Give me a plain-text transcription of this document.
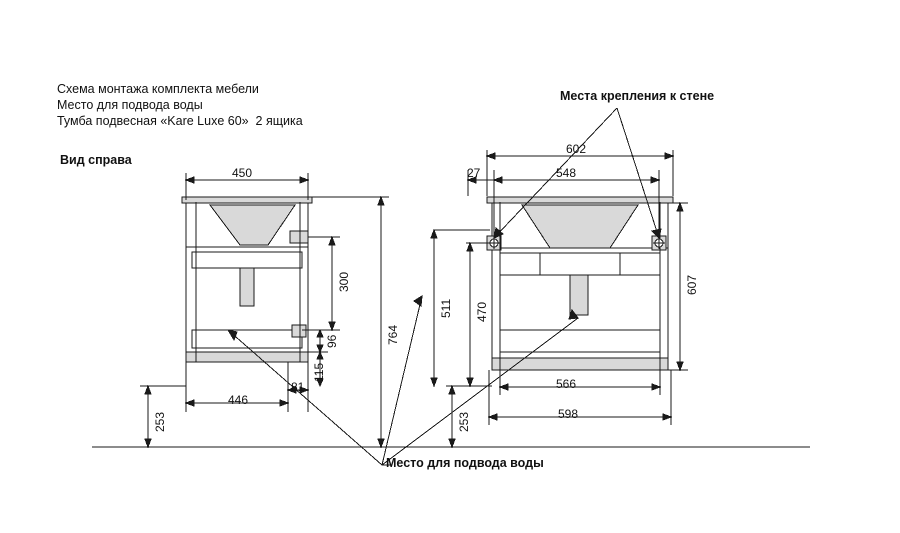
Схема монтажа комплекта мебели
Место для подвода воды
Тумба подвесная «Kare Luxe 60»  2 ящика
Вид справа
Места крепления к стене
Место для подвода воды
450
446
81
300
96
115
764
253
602
548
27
566
598
607
511 470
253
